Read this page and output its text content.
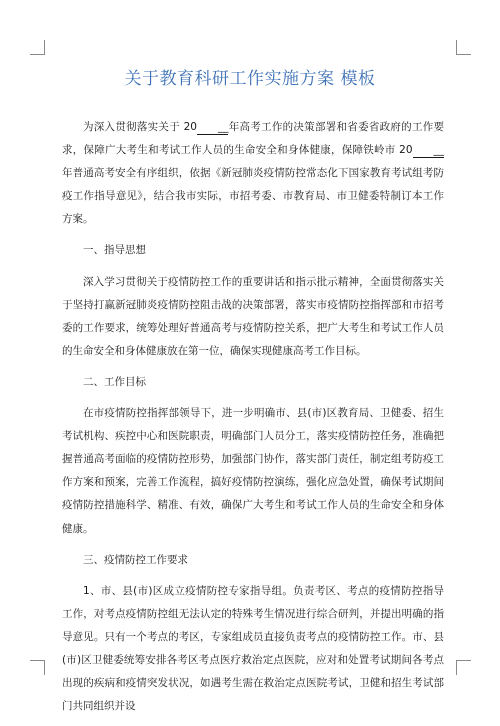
关于教育科研工作实施方案 模板

为深入贯彻落实关于 20 __年高考工作的决策部署和省委省政府的工作要求，保障广大考生和考试工作人员的生命安全和身体健康，保障铁岭市 20 __年普通高考安全有序组织，依据《新冠肺炎疫情防控常态化下国家教育考试组考防疫工作指导意见》，结合我市实际，市招考委、市教育局、市卫健委特制订本工作方案。

一、指导思想

深入学习贯彻关于疫情防控工作的重要讲话和指示批示精神，全面贯彻落实关于坚持打赢新冠肺炎疫情防控阻击战的决策部署，落实市疫情防控指挥部和市招考委的工作要求，统筹处理好普通高考与疫情防控关系，把广大考生和考试工作人员的生命安全和身体健康放在第一位，确保实现健康高考工作目标。

二、工作目标

在市疫情防控指挥部领导下，进一步明确市、县(市)区教育局、卫健委、招生考试机构、疾控中心和医院职责，明确部门人员分工，落实疫情防控任务，准确把握普通高考面临的疫情防控形势，加强部门协作，落实部门责任，制定组考防疫工作方案和预案，完善工作流程，搞好疫情防控演练，强化应急处置，确保考试期间疫情防控措施科学、精准、有效，确保广大考生和考试工作人员的生命安全和身体健康。

三、疫情防控工作要求

1、市、县(市)区成立疫情防控专家指导组。负责考区、考点的疫情防控指导工作，对考点疫情防控组无法认定的特殊考生情况进行综合研判，并提出明确的指导意见。只有一个考点的考区，专家组成员直接负责考点的疫情防控工作。市、县(市)区卫健委统筹安排各考区考点医疗救治定点医院，应对和处置考试期间各考点出现的疾病和疫情突发状况，如遇考生需在救治定点医院考试，卫健和招生考试部门共同组织并设
